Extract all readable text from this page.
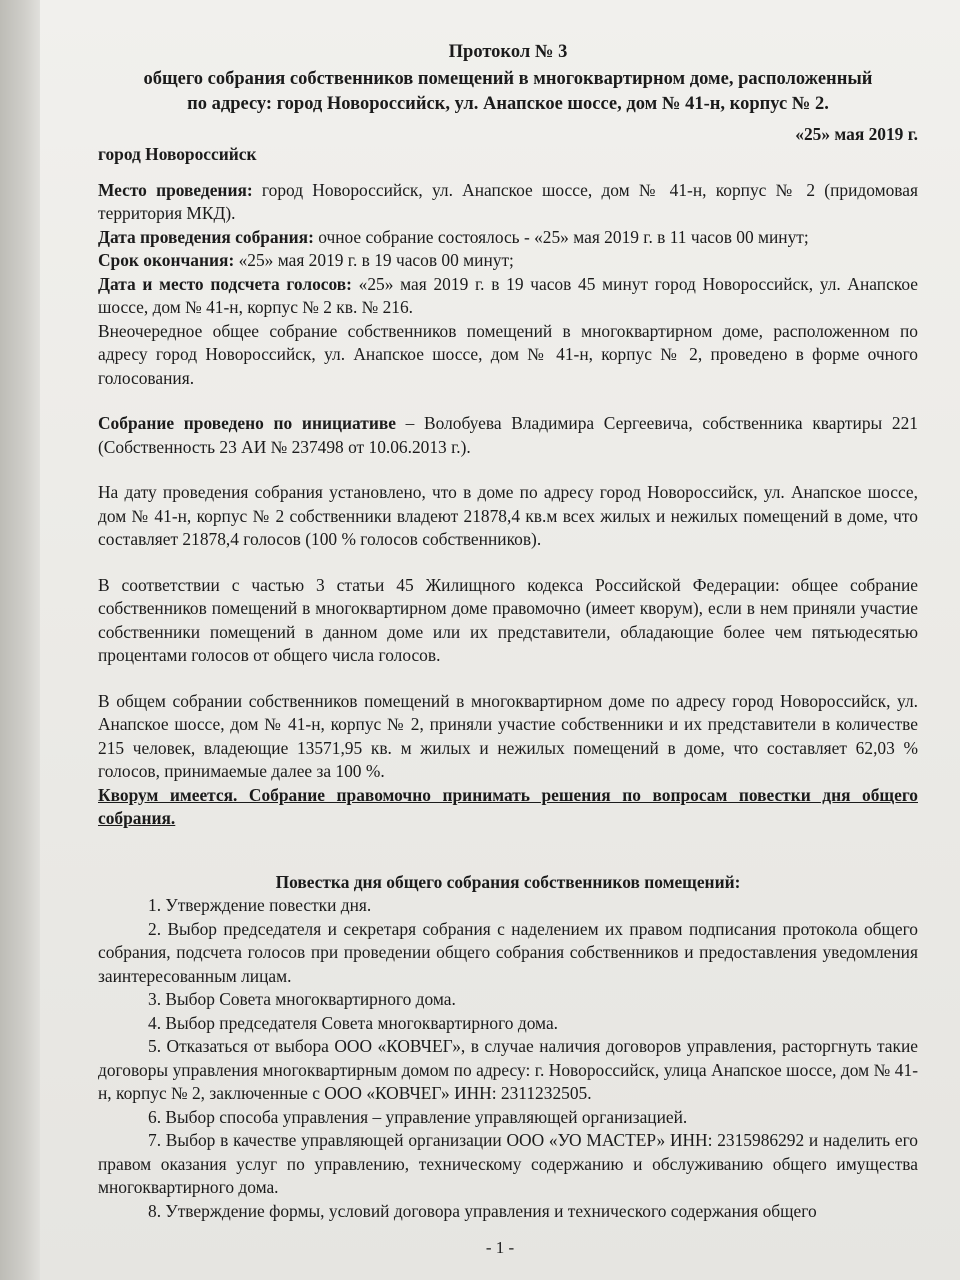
Протокол № 3
общего собрания собственников помещений в многоквартирном доме, расположенный
по адресу: город Новороссийск, ул. Анапское шоссе, дом № 41-н, корпус № 2.
город Новороссийск
«25» мая 2019 г.

Место проведения: город Новороссийск, ул. Анапское шоссе, дом № 41-н, корпус № 2 (придомовая территория МКД).

Дата проведения собрания: очное собрание состоялось - «25» мая 2019 г. в 11 часов 00 минут;

Срок окончания: «25» мая 2019 г. в 19 часов 00 минут;

Дата и место подсчета голосов: «25» мая 2019 г. в 19 часов 45 минут город Новороссийск, ул. Анапское шоссе, дом № 41-н, корпус № 2 кв. № 216.

Внеочередное общее собрание собственников помещений в многоквартирном доме, расположенном по адресу город Новороссийск, ул. Анапское шоссе, дом № 41-н, корпус № 2, проведено в форме очного голосования.

Собрание проведено по инициативе – Волобуева Владимира Сергеевича, собственника квартиры 221 (Собственность 23 АИ № 237498 от 10.06.2013 г.).

На дату проведения собрания установлено, что в доме по адресу город Новороссийск, ул. Анапское шоссе, дом № 41-н, корпус № 2 собственники владеют 21878,4 кв.м всех жилых и нежилых помещений в доме, что составляет 21878,4 голосов (100 % голосов собственников).

В соответствии с частью 3 статьи 45 Жилищного кодекса Российской Федерации: общее собрание собственников помещений в многоквартирном доме правомочно (имеет кворум), если в нем приняли участие собственники помещений в данном доме или их представители, обладающие более чем пятьюдесятью процентами голосов от общего числа голосов.

В общем собрании собственников помещений в многоквартирном доме по адресу город Новороссийск, ул. Анапское шоссе, дом № 41-н, корпус № 2, приняли участие собственники и их представители в количестве 215 человек, владеющие 13571,95 кв. м жилых и нежилых помещений в доме, что составляет 62,03 % голосов, принимаемые далее за 100 %.

Кворум имеется. Собрание правомочно принимать решения по вопросам повестки дня общего собрания.

Повестка дня общего собрания собственников помещений:

1. Утверждение повестки дня.

2. Выбор председателя и секретаря собрания с наделением их правом подписания протокола общего собрания, подсчета голосов при проведении общего собрания собственников и предоставления уведомления заинтересованным лицам.

3. Выбор Совета многоквартирного дома.

4. Выбор председателя Совета многоквартирного дома.

5. Отказаться от выбора ООО «КОВЧЕГ», в случае наличия договоров управления, расторгнуть такие договоры управления многоквартирным домом по адресу: г. Новороссийск, улица Анапское шоссе, дом № 41-н, корпус № 2, заключенные с ООО «КОВЧЕГ» ИНН: 2311232505.

6. Выбор способа управления – управление управляющей организацией.

7. Выбор в качестве управляющей организации ООО «УО МАСТЕР» ИНН: 2315986292 и наделить его правом оказания услуг по управлению, техническому содержанию и обслуживанию общего имущества многоквартирного дома.

8. Утверждение формы, условий договора управления и технического содержания общего

- 1 -
